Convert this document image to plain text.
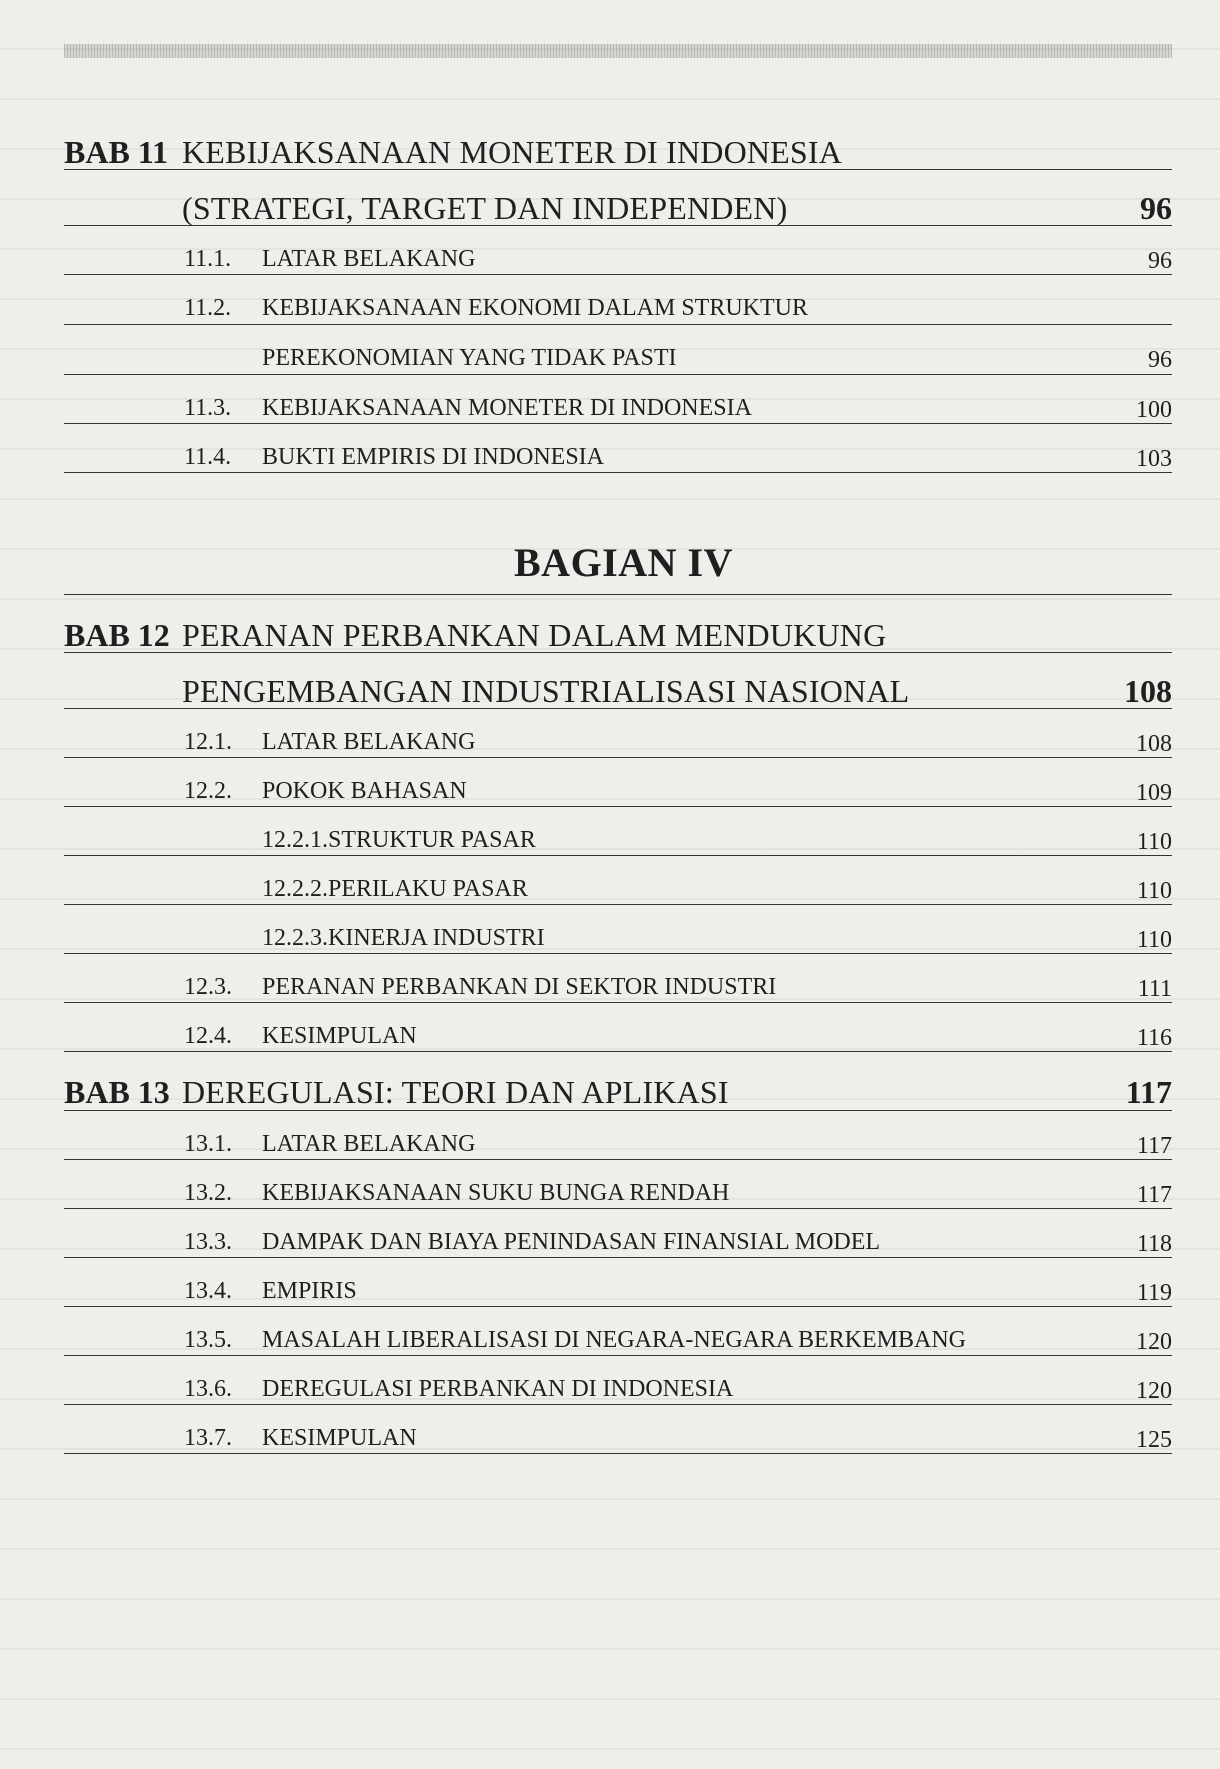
BAB 11 KEBIJAKSANAAN MONETER DI INDONESIA
(STRATEGI, TARGET DAN INDEPENDEN)	96
11.1. LATAR BELAKANG	96
11.2. KEBIJAKSANAAN EKONOMI DALAM STRUKTUR
PEREKONOMIAN YANG TIDAK PASTI	96
11.3. KEBIJAKSANAAN MONETER DI INDONESIA	100
11.4. BUKTI EMPIRIS DI INDONESIA	103
BAGIAN IV
BAB 12 PERANAN PERBANKAN DALAM MENDUKUNG
PENGEMBANGAN INDUSTRIALISASI NASIONAL	108
12.1. LATAR BELAKANG	108
12.2. POKOK BAHASAN	109
12.2.1.STRUKTUR PASAR	110
12.2.2.PERILAKU PASAR	110
12.2.3.KINERJA INDUSTRI	110
12.3. PERANAN PERBANKAN DI SEKTOR INDUSTRI	111
12.4. KESIMPULAN	116
BAB 13 DEREGULASI: TEORI DAN APLIKASI	117
13.1. LATAR BELAKANG	117
13.2. KEBIJAKSANAAN SUKU BUNGA RENDAH	117
13.3. DAMPAK DAN BIAYA PENINDASAN FINANSIAL MODEL	118
13.4. EMPIRIS	119
13.5. MASALAH LIBERALISASI DI NEGARA-NEGARA BERKEMBANG	120
13.6. DEREGULASI PERBANKAN DI INDONESIA	120
13.7. KESIMPULAN	125
